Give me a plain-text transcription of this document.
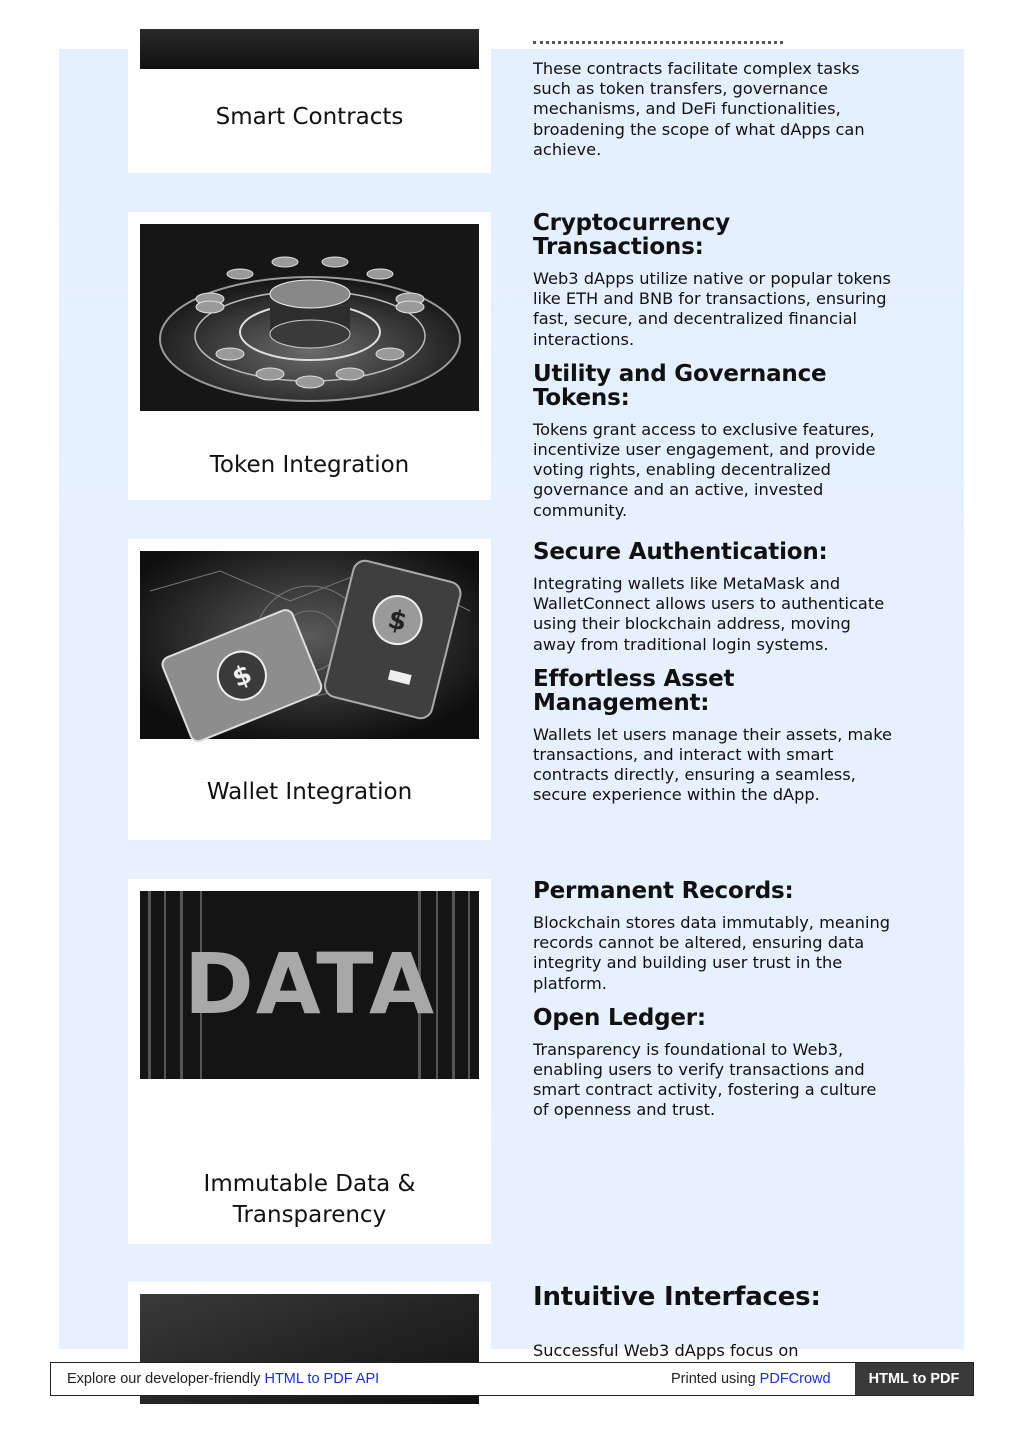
Smart Contracts

These contracts facilitate complex tasks such as token transfers, governance mechanisms, and DeFi functionalities, broadening the scope of what dApps can achieve.

Token Integration
Cryptocurrency Transactions:

Web3 dApps utilize native or popular tokens like ETH and BNB for transactions, ensuring fast, secure, and decentralized financial interactions.

Utility and Governance Tokens:

Tokens grant access to exclusive features, incentivize user engagement, and provide voting rights, enabling decentralized governance and an active, invested community.

$
$
Wallet Integration
Secure Authentication:

Integrating wallets like MetaMask and WalletConnect allows users to authenticate using their blockchain address, moving away from traditional login systems.

Effortless Asset Management:

Wallets let users manage their assets, make transactions, and interact with smart contracts directly, ensuring a seamless, secure experience within the dApp.

DATA
Immutable Data & Transparency
Permanent Records:

Blockchain stores data immutably, meaning records cannot be altered, ensuring data integrity and building user trust in the platform.

Open Ledger:

Transparency is foundational to Web3, enabling users to verify transactions and smart contract activity, fostering a culture of openness and trust.

Intuitive Interfaces:

Successful Web3 dApps focus on

Explore our developer-friendly HTML to PDF API	Printed using PDFCrowd	HTML to PDF
